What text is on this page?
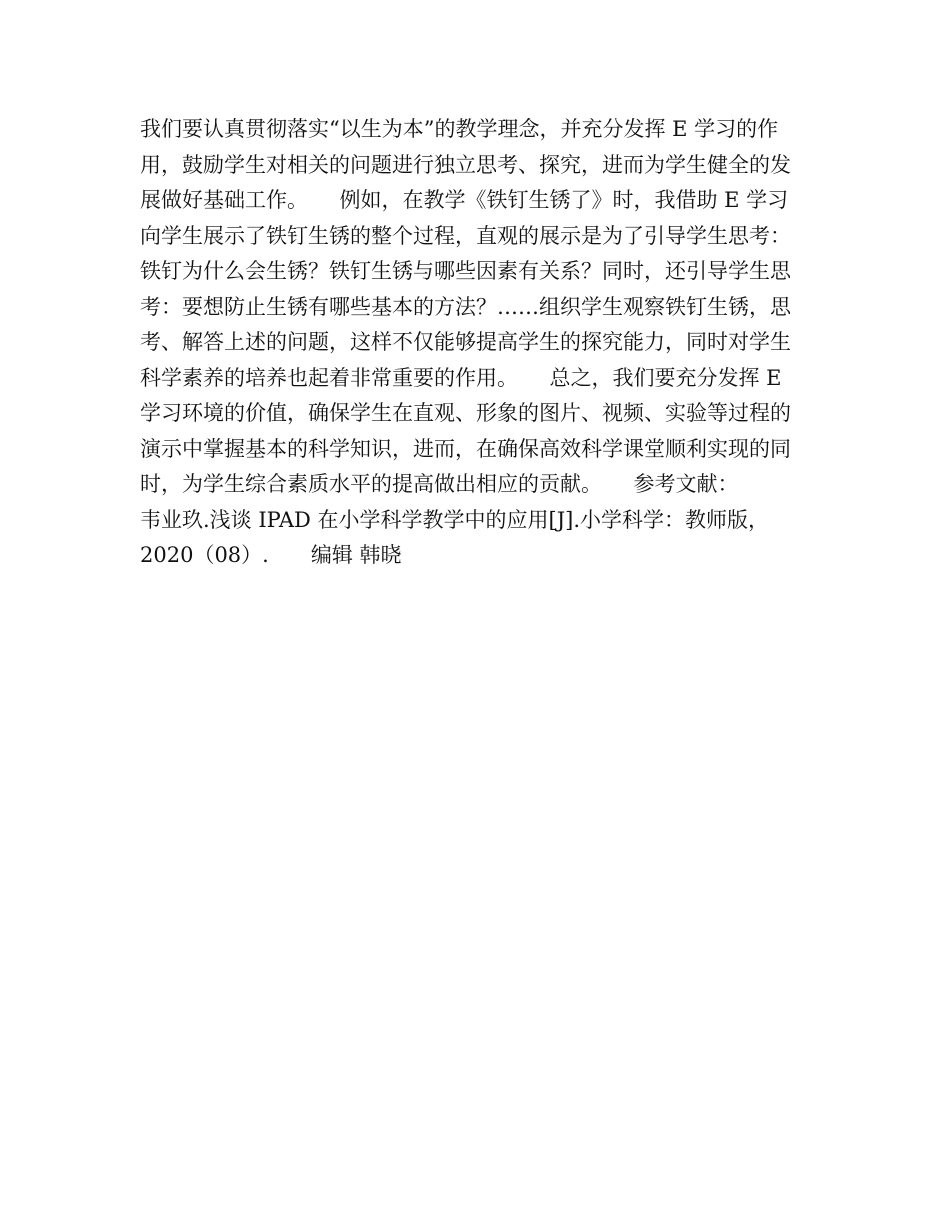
我们要认真贯彻落实“以生为本”的教学理念，并充分发挥 E 学习的作
用，鼓励学生对相关的问题进行独立思考、探究，进而为学生健全的发
展做好基础工作。　　例如，在教学《铁钉生锈了》时，我借助 E 学习
向学生展示了铁钉生锈的整个过程，直观的展示是为了引导学生思考：
铁钉为什么会生锈？铁钉生锈与哪些因素有关系？同时，还引导学生思
考：要想防止生锈有哪些基本的方法？……组织学生观察铁钉生锈，思
考、解答上述的问题，这样不仅能够提高学生的探究能力，同时对学生
科学素养的培养也起着非常重要的作用。　　总之，我们要充分发挥 E
学习环境的价值，确保学生在直观、形象的图片、视频、实验等过程的
演示中掌握基本的科学知识，进而，在确保高效科学课堂顺利实现的同
时，为学生综合素质水平的提高做出相应的贡献。　　参考文献：
韦业玖.浅谈 IPAD 在小学科学教学中的应用[J].小学科学：教师版，
2020（08）.　　编辑 韩晓
